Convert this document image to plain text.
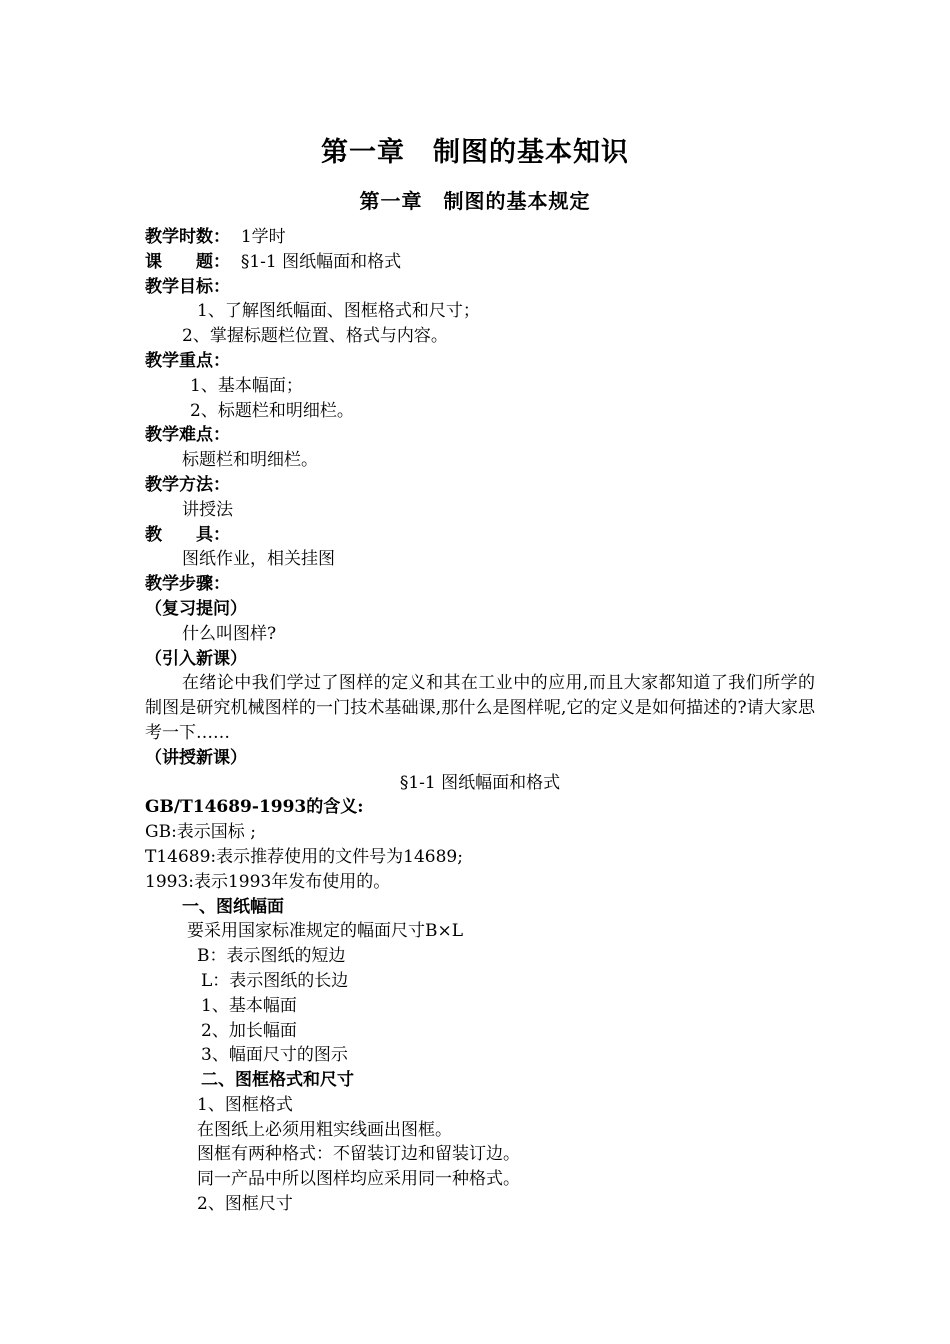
第一章　制图的基本知识
第一章　制图的基本规定
教学时数： 1学时
课　　题： §1-1 图纸幅面和格式
教学目标：
1、了解图纸幅面、图框格式和尺寸；
2、掌握标题栏位置、格式与内容。
教学重点：
1、基本幅面；
2、标题栏和明细栏。
教学难点：
标题栏和明细栏。
教学方法：
讲授法
教　　具：
图纸作业，相关挂图
教学步骤：
（复习提问）
什么叫图样?
（引入新课）
在绪论中我们学过了图样的定义和其在工业中的应用,而且大家都知道了我们所学的制图是研究机械图样的一门技术基础课,那什么是图样呢,它的定义是如何描述的?请大家思考一下……
（讲授新课）
§1-1 图纸幅面和格式
GB/T14689-1993的含义:
GB:表示国标 ;
T14689:表示推荐使用的文件号为14689;
1993:表示1993年发布使用的。
一、图纸幅面
要采用国家标准规定的幅面尺寸B×L
B：表示图纸的短边
L：表示图纸的长边
1、基本幅面
2、加长幅面
3、幅面尺寸的图示
二、图框格式和尺寸
1、图框格式
在图纸上必须用粗实线画出图框。
图框有两种格式：不留装订边和留装订边。
同一产品中所以图样均应采用同一种格式。
2、图框尺寸
